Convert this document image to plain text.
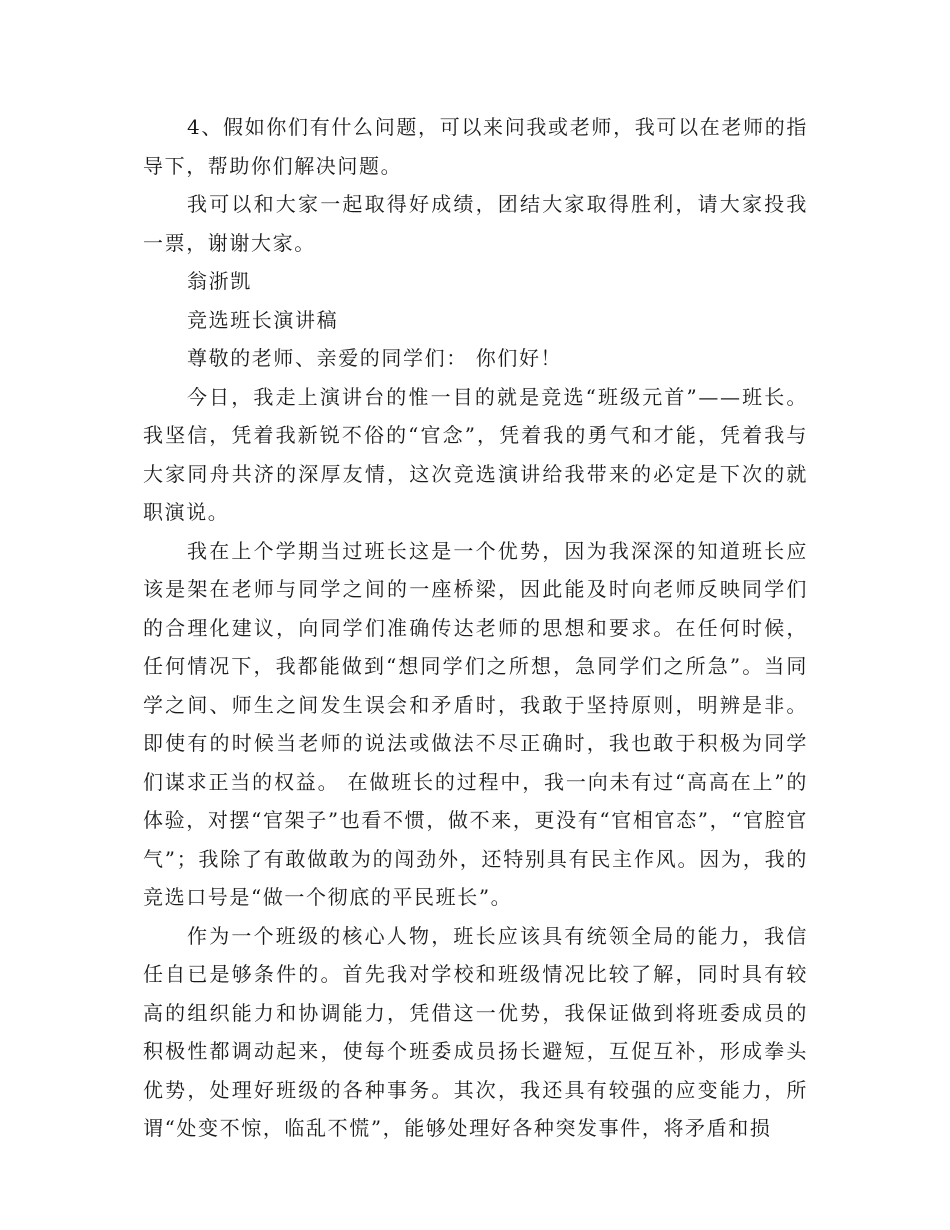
4、假如你们有什么问题，可以来问我或老师，我可以在老师的指导下，帮助你们解决问题。

我可以和大家一起取得好成绩，团结大家取得胜利，请大家投我一票，谢谢大家。

翁浙凯

竞选班长演讲稿

尊敬的老师、亲爱的同学们： 你们好！

今日，我走上演讲台的惟一目的就是竞选“班级元首”——班长。我坚信，凭着我新锐不俗的“官念”，凭着我的勇气和才能，凭着我与大家同舟共济的深厚友情，这次竞选演讲给我带来的必定是下次的就职演说。

我在上个学期当过班长这是一个优势，因为我深深的知道班长应该是架在老师与同学之间的一座桥梁，因此能及时向老师反映同学们的合理化建议，向同学们准确传达老师的思想和要求。在任何时候，任何情况下，我都能做到“想同学们之所想，急同学们之所急”。当同学之间、师生之间发生误会和矛盾时，我敢于坚持原则，明辨是非。即使有的时候当老师的说法或做法不尽正确时，我也敢于积极为同学们谋求正当的权益。 在做班长的过程中，我一向未有过“高高在上”的体验，对摆“官架子”也看不惯，做不来，更没有“官相官态”，“官腔官气”；我除了有敢做敢为的闯劲外，还特别具有民主作风。因为，我的竞选口号是“做一个彻底的平民班长”。

作为一个班级的核心人物，班长应该具有统领全局的能力，我信任自已是够条件的。首先我对学校和班级情况比较了解，同时具有较高的组织能力和协调能力，凭借这一优势，我保证做到将班委成员的积极性都调动起来，使每个班委成员扬长避短，互促互补，形成拳头优势，处理好班级的各种事务。其次，我还具有较强的应变能力，所谓“处变不惊，临乱不慌”，能够处理好各种突发事件，将矛盾和损
